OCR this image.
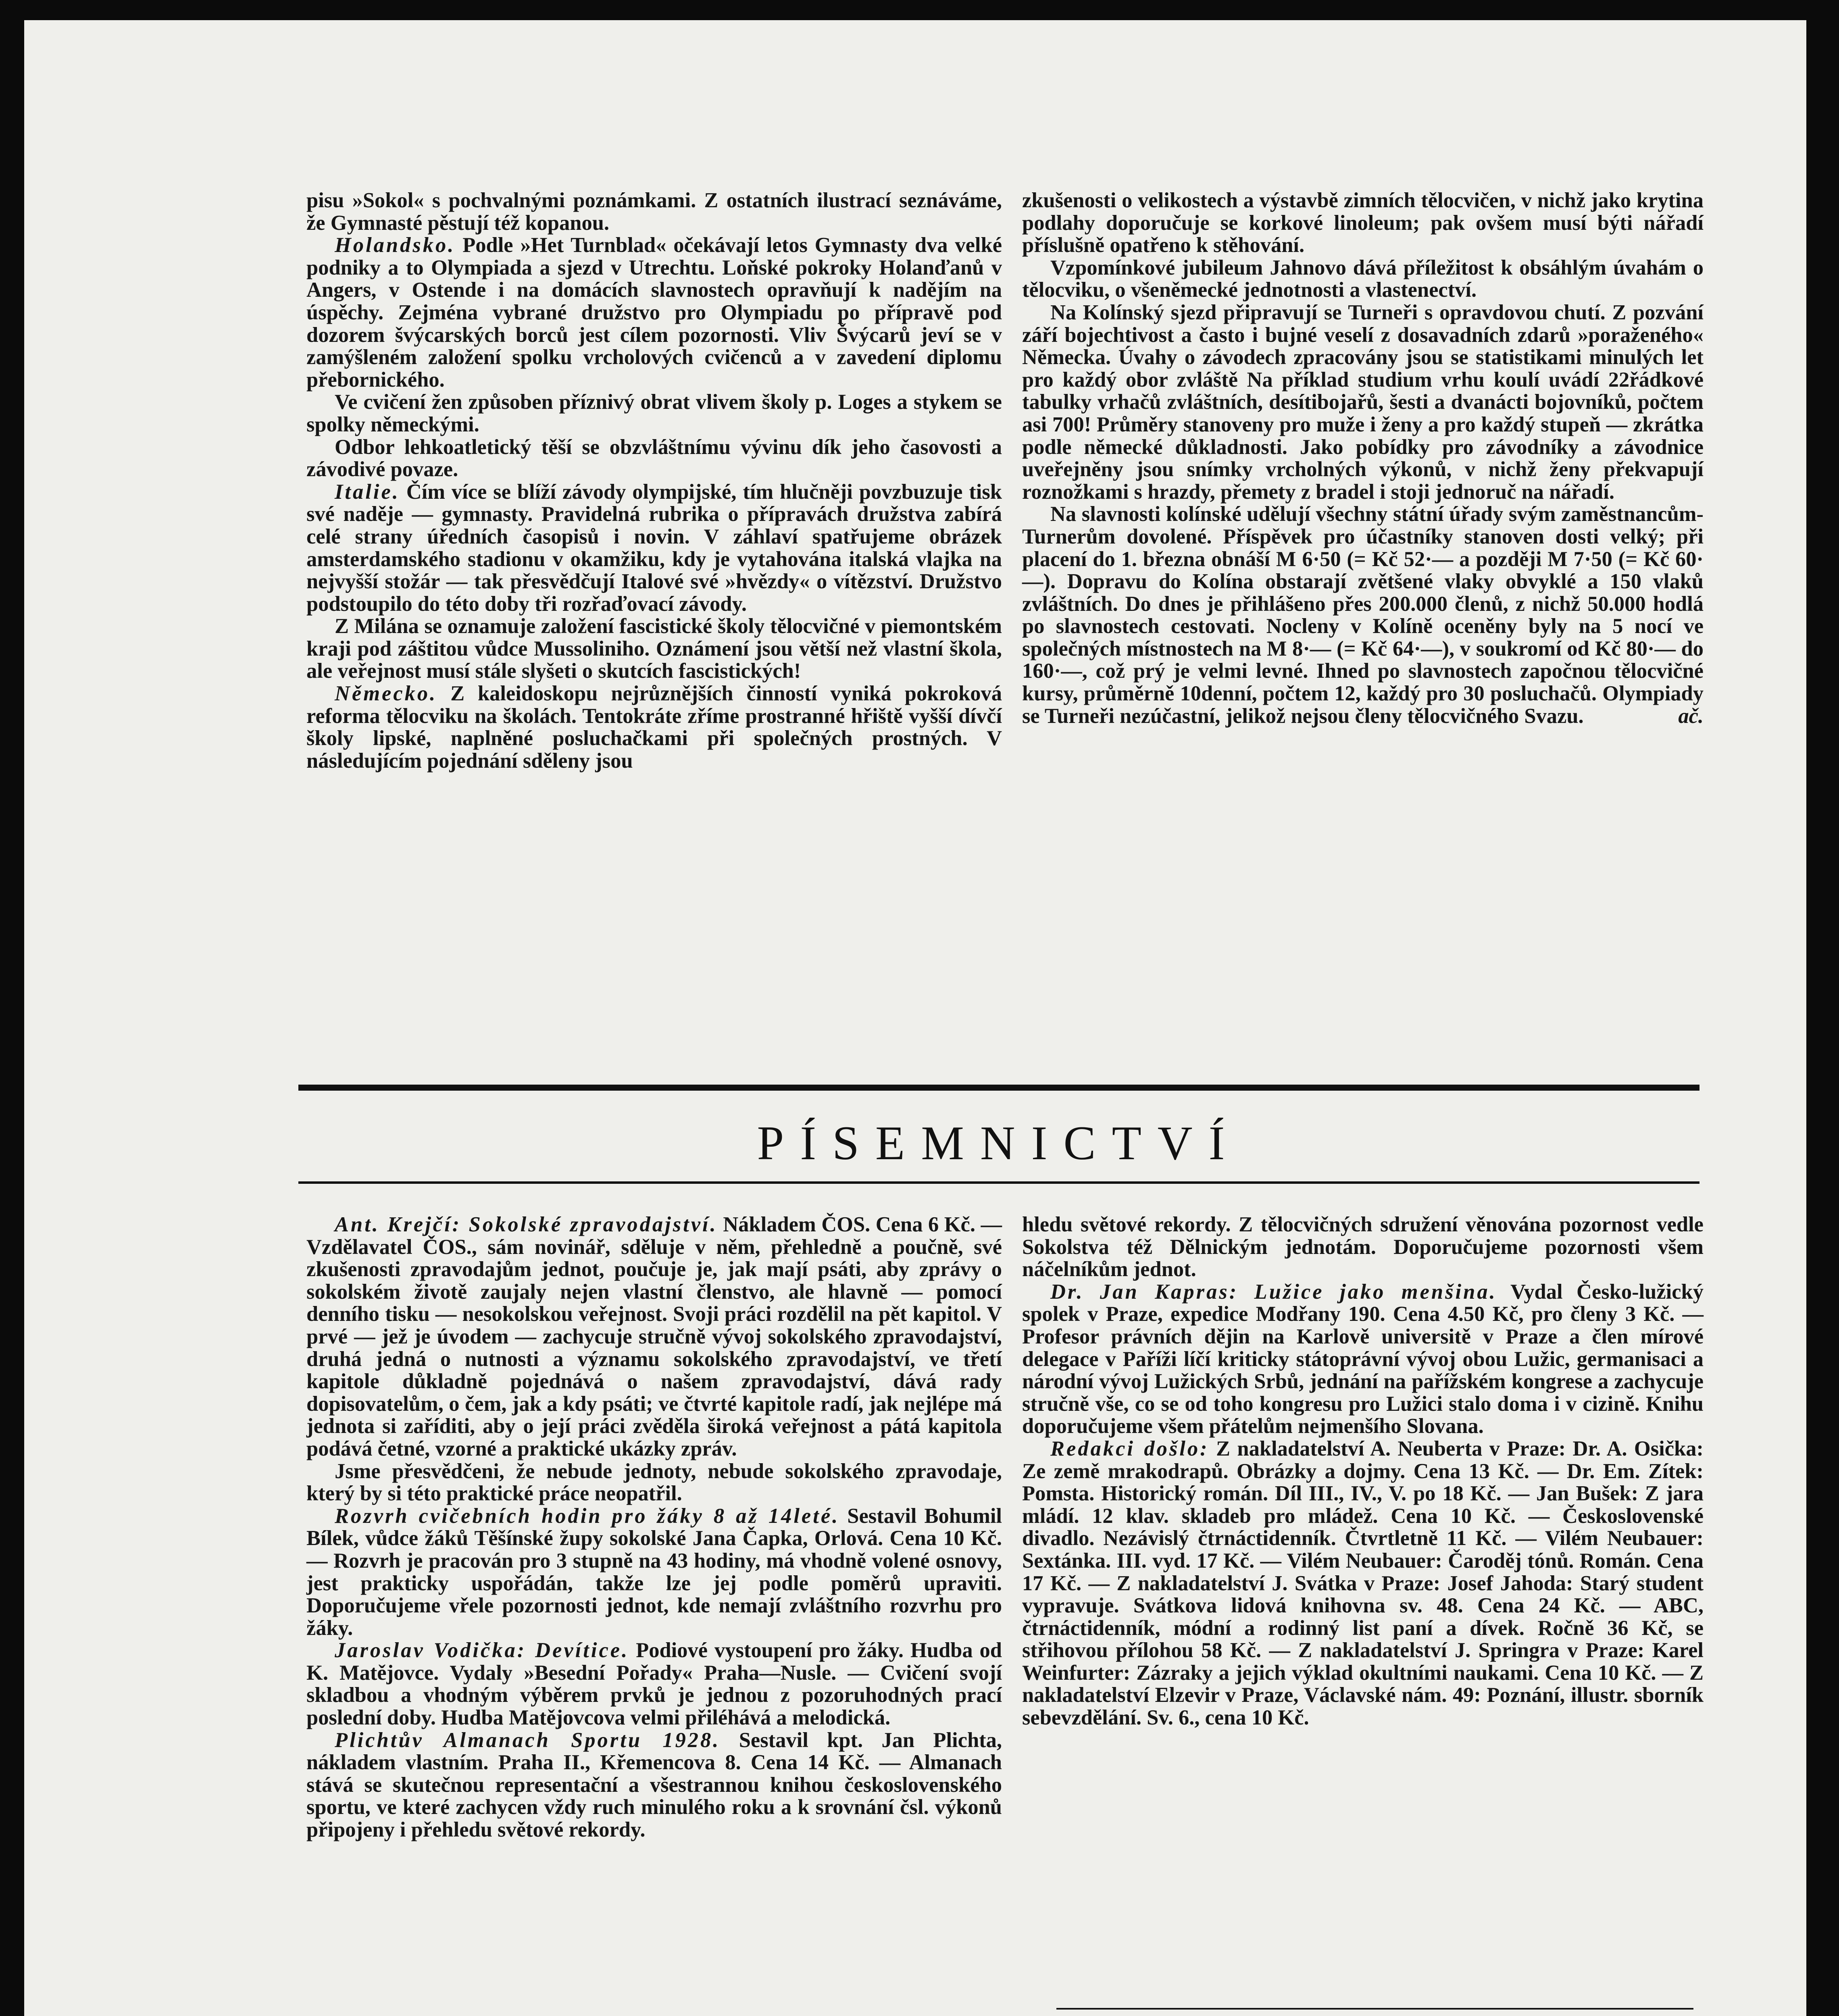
pisu »Sokol« s pochvalnými poznámkami. Z ostatních ilustrací seznáváme, že Gymnasté pěstují též kopanou.

Holandsko. Podle »Het Turnblad« očekávají letos Gymnasty dva velké podniky a to Olympiada a sjezd v Utrechtu. Loňské pokroky Holanďanů v Angers, v Ostende i na domácích slavnostech opravňují k nadějím na úspěchy. Zejména vybrané družstvo pro Olympiadu po přípravě pod dozorem švýcarských borců jest cílem pozornosti. Vliv Švýcarů jeví se v zamýšleném založení spolku vrcholových cvičenců a v zavedení diplomu přebornického.

Ve cvičení žen způsoben příznivý obrat vlivem školy p. Loges a stykem se spolky německými.

Odbor lehkoatletický těší se obzvláštnímu vývinu dík jeho časovosti a závodivé povaze.

Italie. Čím více se blíží závody olympijské, tím hlučněji povzbuzuje tisk své naděje — gymnasty. Pravidelná rubrika o přípravách družstva zabírá celé strany úředních časopisů i novin. V záhlaví spatřujeme obrázek amsterdamského stadionu v okamžiku, kdy je vytahována italská vlajka na nejvyšší stožár — tak přesvědčují Italové své »hvězdy« o vítězství. Družstvo podstoupilo do této doby tři rozřaďovací závody.

Z Milána se oznamuje založení fascistické školy tělocvičné v piemontském kraji pod záštitou vůdce Mussoliniho. Oznámení jsou větší než vlastní škola, ale veřejnost musí stále slyšeti o skutcích fascistických!

Německo. Z kaleidoskopu nejrůznějších činností vyniká pokroková reforma tělocviku na školách. Tentokráte zříme prostranné hřiště vyšší dívčí školy lipské, naplněné posluchačkami při společných prostných. V následujícím pojednání sděleny jsou

zkušenosti o velikostech a výstavbě zimních tělocvičen, v nichž jako krytina podlahy doporučuje se korkové linoleum; pak ovšem musí býti nářadí příslušně opatřeno k stěhování.

Vzpomínkové jubileum Jahnovo dává příležitost k obsáhlým úvahám o tělocviku, o všeněmecké jednotnosti a vlastenectví.

Na Kolínský sjezd připravují se Turneři s opravdovou chutí. Z pozvání září bojechtivost a často i bujné veselí z dosavadních zdarů »poraženého« Německa. Úvahy o závodech zpracovány jsou se statistikami minulých let pro každý obor zvláště Na příklad studium vrhu koulí uvádí 22řádkové tabulky vrhačů zvláštních, desítibojařů, šesti a dvanácti bojovníků, počtem asi 700! Průměry stanoveny pro muže i ženy a pro každý stupeň — zkrátka podle německé důkladnosti. Jako pobídky pro závodníky a závodnice uveřejněny jsou snímky vrcholných výkonů, v nichž ženy překvapují roznožkami s hrazdy, přemety z bradel i stoji jednoruč na nářadí.

Na slavnosti kolínské udělují všechny státní úřady svým zaměstnancům-Turnerům dovolené. Příspěvek pro účastníky stanoven dosti velký; při placení do 1. března obnáší M 6·50 (= Kč 52·— a později M 7·50 (= Kč 60·—). Dopravu do Kolína obstarají zvětšené vlaky obvyklé a 150 vlaků zvláštních. Do dnes je přihlášeno přes 200.000 členů, z nichž 50.000 hodlá po slavnostech cestovati. Nocleny v Kolíně oceněny byly na 5 nocí ve společných místnostech na M 8·— (= Kč 64·—), v soukromí od Kč 80·— do 160·—, což prý je velmi levné. Ihned po slavnostech započnou tělocvičné kursy, průměrně 10denní, počtem 12, každý pro 30 posluchačů. Olympiady se Turneři nezúčastní, jelikož nejsou členy tělocvičného Svazu.	ač.

PÍSEMNICTVÍ

Ant. Krejčí: Sokolské zpravodajství. Nákladem ČOS. Cena 6 Kč. — Vzdělavatel ČOS., sám novinář, sděluje v něm, přehledně a poučně, své zkušenosti zpravodajům jednot, poučuje je, jak mají psáti, aby zprávy o sokolském životě zaujaly nejen vlastní členstvo, ale hlavně — pomocí denního tisku — nesokolskou veřejnost. Svoji práci rozdělil na pět kapitol. V prvé — jež je úvodem — zachycuje stručně vývoj sokolského zpravodajství, druhá jedná o nutnosti a významu sokolského zpravodajství, ve třetí kapitole důkladně pojednává o našem zpravodajství, dává rady dopisovatelům, o čem, jak a kdy psáti; ve čtvrté kapitole radí, jak nejlépe má jednota si zaříditi, aby o její práci zvěděla široká veřejnost a pátá kapitola podává četné, vzorné a praktické ukázky zpráv.

Jsme přesvědčeni, že nebude jednoty, nebude sokolského zpravodaje, který by si této praktické práce neopatřil.

Rozvrh cvičebních hodin pro žáky 8 až 14leté. Sestavil Bohumil Bílek, vůdce žáků Těšínské župy sokolské Jana Čapka, Orlová. Cena 10 Kč. — Rozvrh je pracován pro 3 stupně na 43 hodiny, má vhodně volené osnovy, jest prakticky uspořádán, takže lze jej podle poměrů upraviti. Doporučujeme vřele pozornosti jednot, kde nemají zvláštního rozvrhu pro žáky.

Jaroslav Vodička: Devítice. Podiové vystoupení pro žáky. Hudba od K. Matějovce. Vydaly »Besední Pořady« Praha—Nusle. — Cvičení svojí skladbou a vhodným výběrem prvků je jednou z pozoruhodných prací poslední doby. Hudba Matějovcova velmi přiléhává a melodická.

Plichtův Almanach Sportu 1928. Sestavil kpt. Jan Plichta, nákladem vlastním. Praha II., Křemencova 8. Cena 14 Kč. — Almanach stává se skutečnou representační a všestrannou knihou československého sportu, ve které zachycen vždy ruch minulého roku a k srovnání čsl. výkonů připojeny i přehledu světové rekordy.

hledu světové rekordy. Z tělocvičných sdružení věnována pozornost vedle Sokolstva též Dělnickým jednotám. Doporučujeme pozornosti všem náčelníkům jednot.

Dr. Jan Kapras: Lužice jako menšina. Vydal Česko-lužický spolek v Praze, expedice Modřany 190. Cena 4.50 Kč, pro členy 3 Kč. — Profesor právních dějin na Karlově universitě v Praze a člen mírové delegace v Paříži líčí kriticky státoprávní vývoj obou Lužic, germanisaci a národní vývoj Lužických Srbů, jednání na pařížském kongrese a zachycuje stručně vše, co se od toho kongresu pro Lužici stalo doma i v cizině. Knihu doporučujeme všem přátelům nejmenšího Slovana.

Redakci došlo: Z nakladatelství A. Neuberta v Praze: Dr. A. Osička: Ze země mrakodrapů. Obrázky a dojmy. Cena 13 Kč. — Dr. Em. Zítek: Pomsta. Historický román. Díl III., IV., V. po 18 Kč. — Jan Bušek: Z jara mládí. 12 klav. skladeb pro mládež. Cena 10 Kč. — Československé divadlo. Nezávislý čtrnáctidenník. Čtvrtletně 11 Kč. — Vilém Neubauer: Sextánka. III. vyd. 17 Kč. — Vilém Neubauer: Čaroděj tónů. Román. Cena 17 Kč. — Z nakladatelství J. Svátka v Praze: Josef Jahoda: Starý student vypravuje. Svátkova lidová knihovna sv. 48. Cena 24 Kč. — ABC, čtrnáctidenník, módní a rodinný list paní a dívek. Ročně 36 Kč, se střihovou přílohou 58 Kč. — Z nakladatelství J. Springra v Praze: Karel Weinfurter: Zázraky a jejich výklad okultními naukami. Cena 10 Kč. — Z nakladatelství Elzevir v Praze, Václavské nám. 49: Poznání, illustr. sborník sebevzdělání. Sv. 6., cena 10 Kč.
